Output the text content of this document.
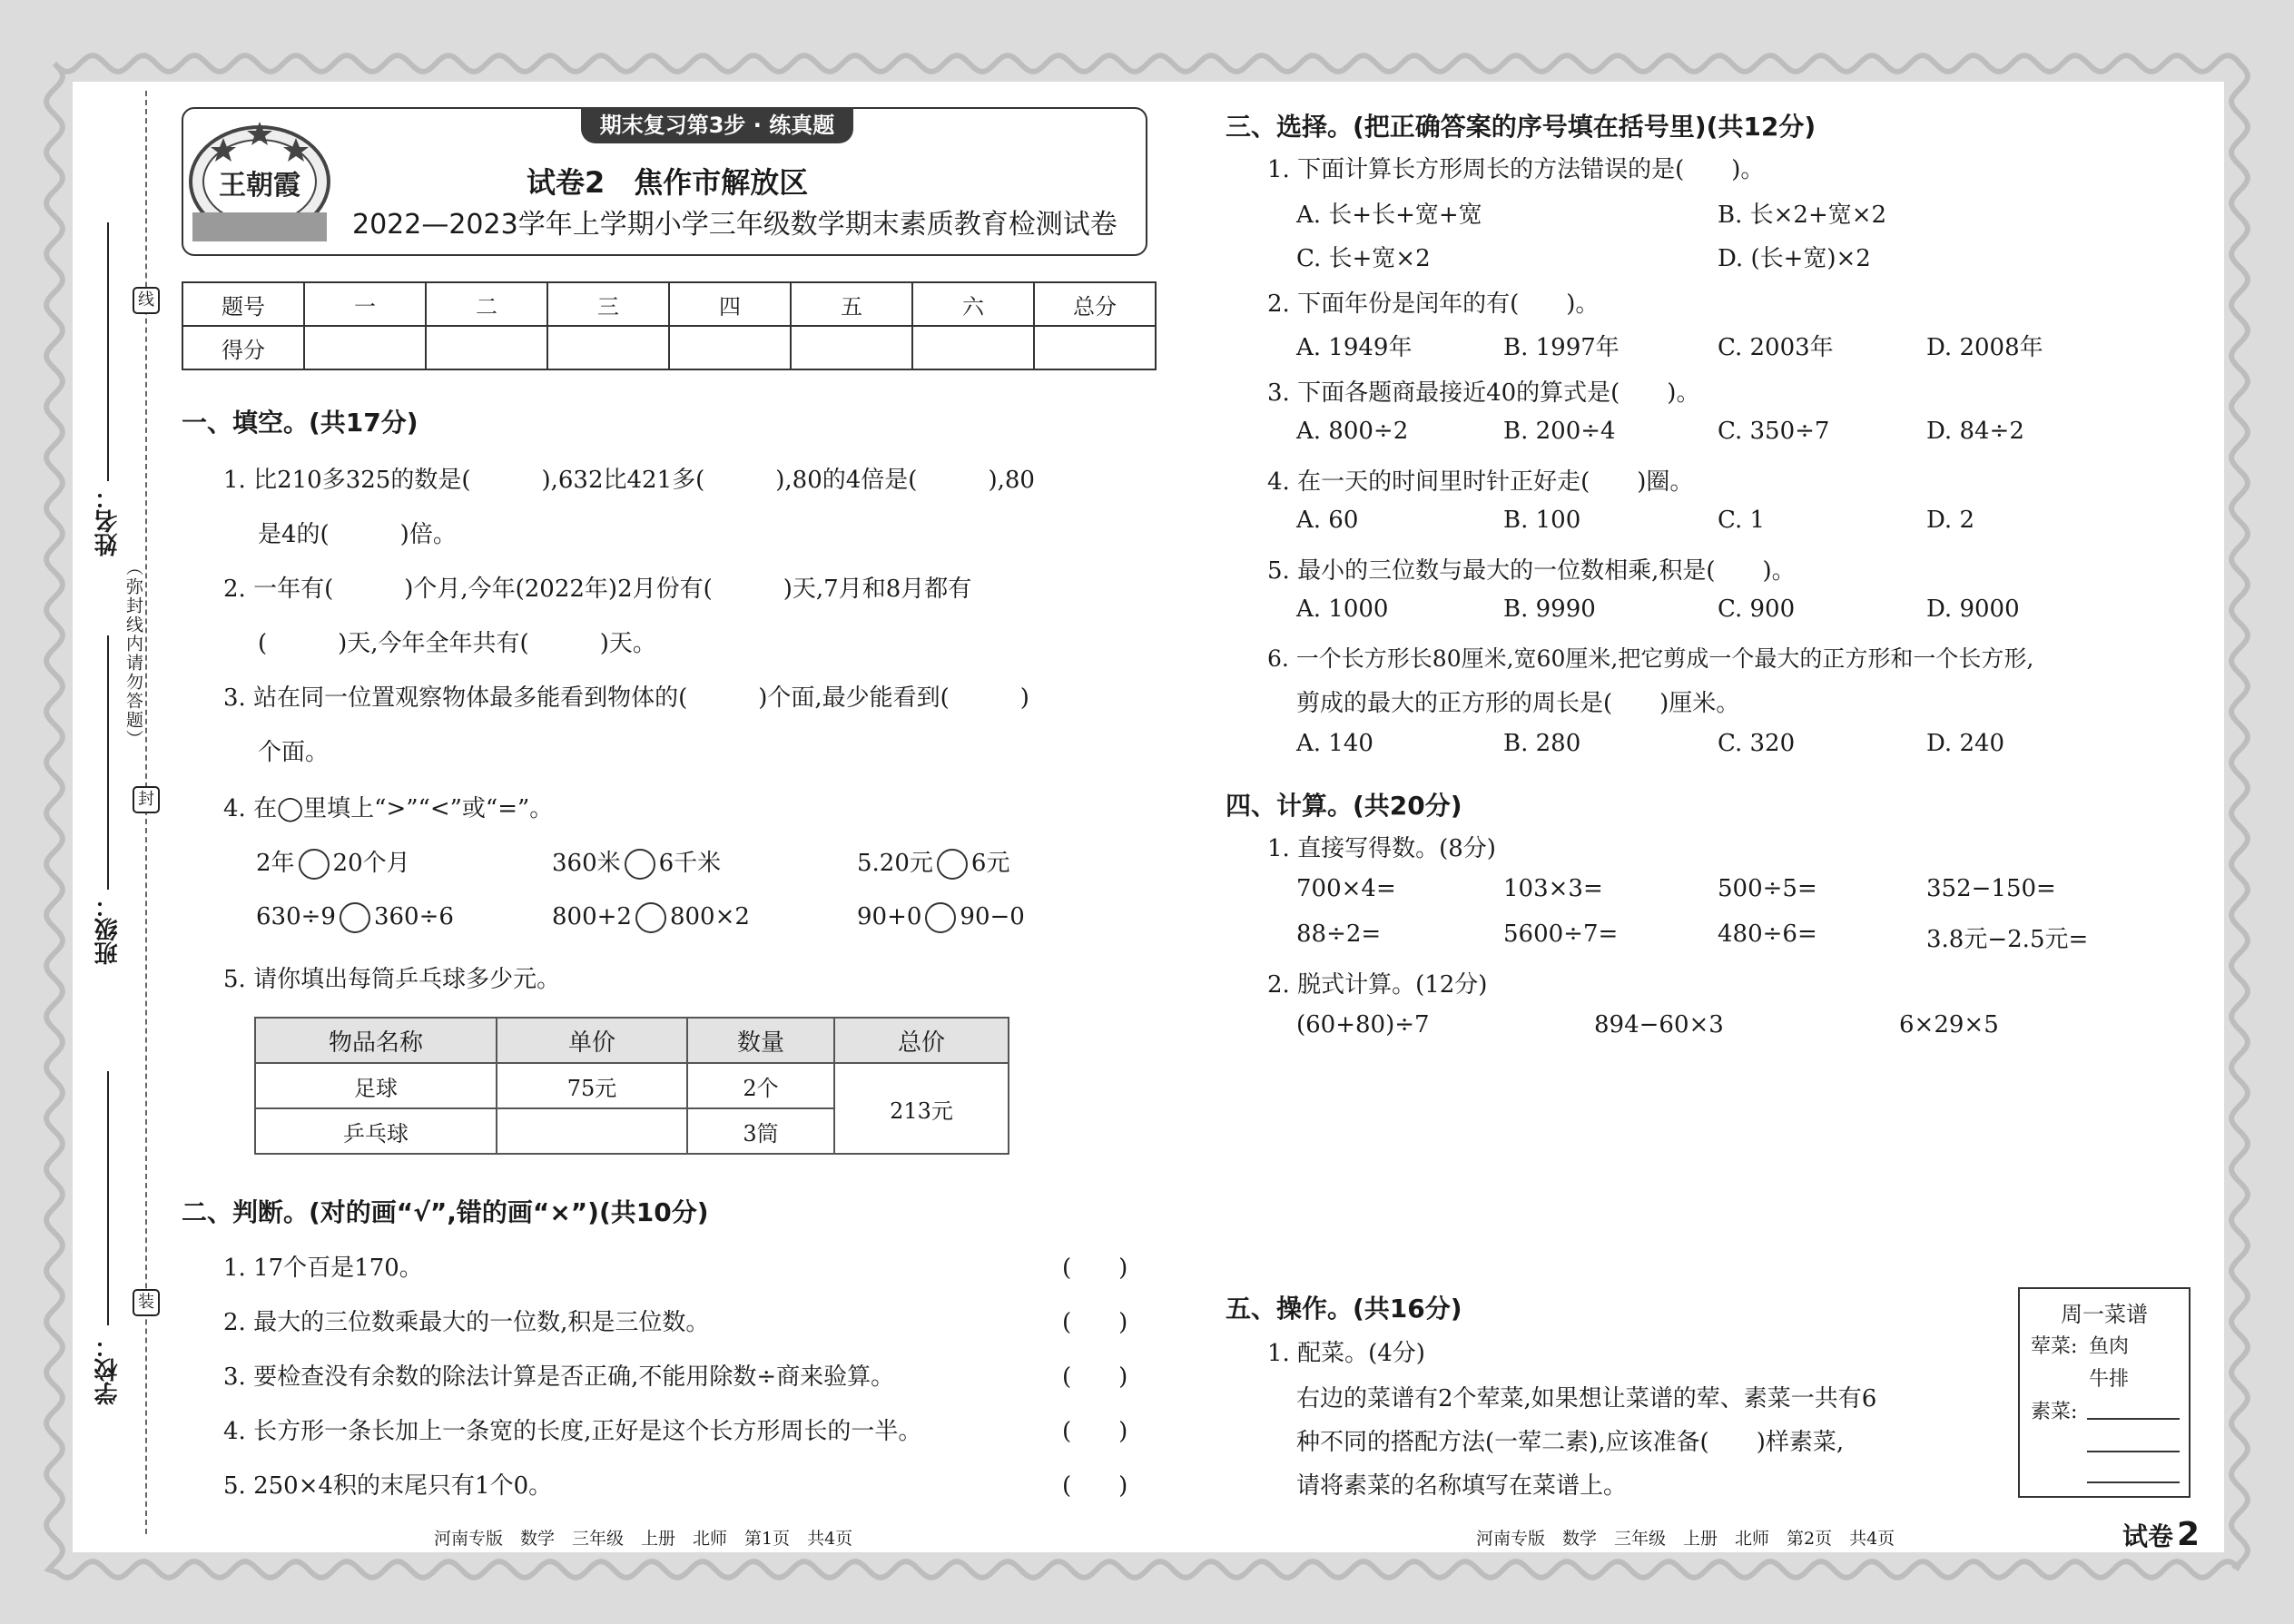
学校：
班级：
姓名：
装
封
线
（弥封线内请勿答题）
王朝霞
期末复习第3步 · 练真题
试卷2　焦作市解放区
2022—2023学年上学期小学三年级数学期末素质教育检测试卷
题号	一	二	三	四	五	六	总分
得分							
一、填空。(共17分)
1. 比210多325的数是(　　　),632比421多(　　　),80的4倍是(　　　),80
是4的(　　　)倍。
2. 一年有(　　　)个月,今年(2022年)2月份有(　　　)天,7月和8月都有
(　　　)天,今年全年共有(　　　)天。
3. 站在同一位置观察物体最多能看到物体的(　　　)个面,最少能看到(　　　)
个面。
4. 在◯里填上“>”“<”或“=”。
2年 20个月	360米 6千米	5.20元 6元
630÷9 360÷6	800+2 800×2	90+0 90−0
5. 请你填出每筒乒乓球多少元。
物品名称	单价	数量	总价
足球	75元	2个	213元
乒乓球		3筒	
二、判断。(对的画“√”,错的画“×”)(共10分)
1. 17个百是170。
2. 最大的三位数乘最大的一位数,积是三位数。
3. 要检查没有余数的除法计算是否正确,不能用除数÷商来验算。
4. 长方形一条长加上一条宽的长度,正好是这个长方形周长的一半。
5. 250×4积的末尾只有1个0。
(　　)
(　　)
(　　)
(　　)
(　　)
三、选择。(把正确答案的序号填在括号里)(共12分)
1. 下面计算长方形周长的方法错误的是(　　)。
A. 长+长+宽+宽	B. 长×2+宽×2
C. 长+宽×2	D. (长+宽)×2
2. 下面年份是闰年的有(　　)。
A. 1949年	B. 1997年	C. 2003年	D. 2008年
3. 下面各题商最接近40的算式是(　　)。
A. 800÷2	B. 200÷4	C. 350÷7	D. 84÷2
4. 在一天的时间里时针正好走(　　)圈。
A. 60	B. 100	C. 1	D. 2
5. 最小的三位数与最大的一位数相乘,积是(　　)。
A. 1000	B. 9990	C. 900	D. 9000
6. 一个长方形长80厘米,宽60厘米,把它剪成一个最大的正方形和一个长方形,
剪成的最大的正方形的周长是(　　)厘米。
A. 140	B. 280	C. 320	D. 240
四、计算。(共20分)
1. 直接写得数。(8分)
700×4=	103×3=	500÷5=	352−150=
88÷2=	5600÷7=	480÷6=	3.8元−2.5元=
2. 脱式计算。(12分)
(60+80)÷7	894−60×3	6×29×5
五、操作。(共16分)
1. 配菜。(4分)
右边的菜谱有2个荤菜,如果想让菜谱的荤、素菜一共有6
种不同的搭配方法(一荤二素),应该准备(　　)样素菜,
请将素菜的名称填写在菜谱上。
周一菜谱
荤菜: 鱼肉
牛排
素菜:
河南专版　数学　三年级　上册　北师　第1页　共4页	河南专版　数学　三年级　上册　北师　第2页　共4页	试卷 2
